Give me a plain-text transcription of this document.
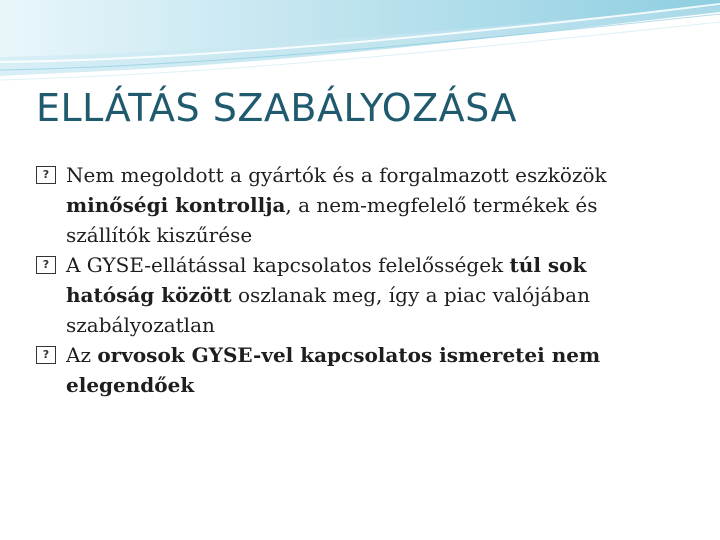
ELLÁTÁS SZABÁLYOZÁSA
?
Nem megoldott a gyártók és a forgalmazott eszközök minőségi kontrollja, a nem-megfelelő termékek és szállítók kiszűrése
?
A GYSE-ellátással kapcsolatos felelősségek túl sok hatóság között oszlanak meg, így a piac valójában szabályozatlan
?
Az orvosok GYSE-vel kapcsolatos ismeretei nem elegendőek
